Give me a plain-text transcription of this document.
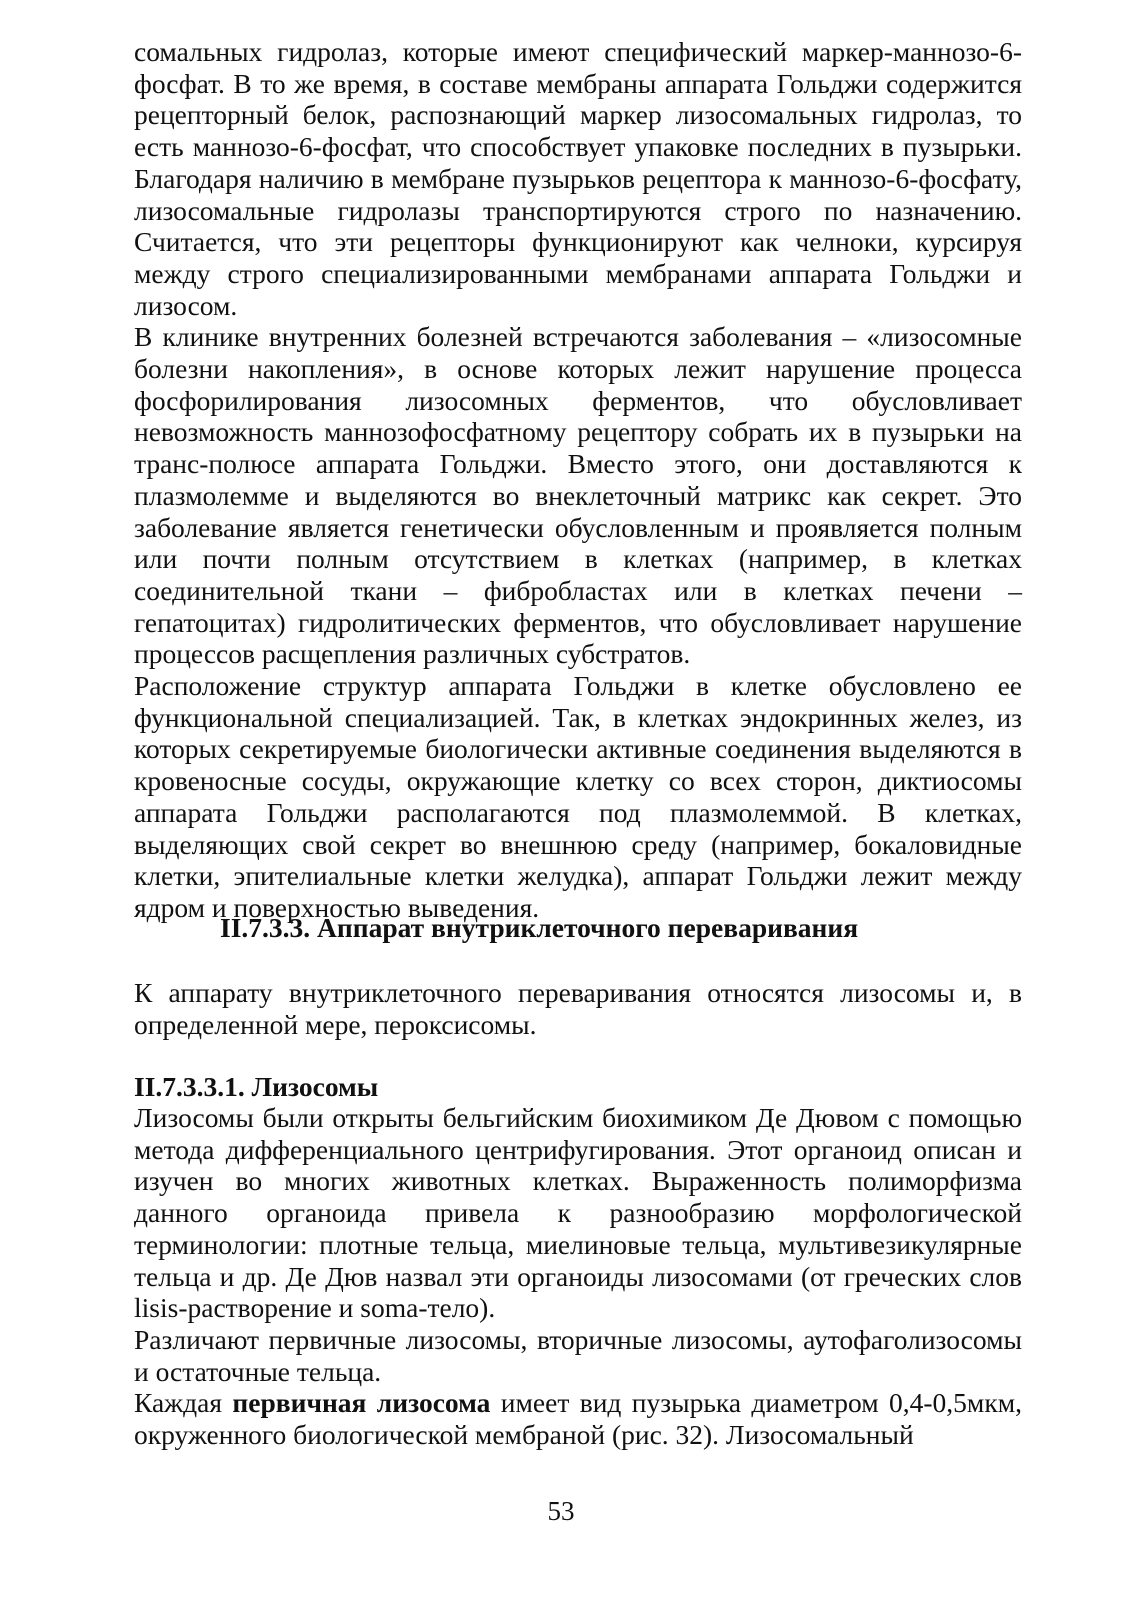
сомальных гидролаз, которые имеют специфический маркер-маннозо-6-фосфат. В то же время, в составе мембраны аппарата Гольджи содержится рецепторный белок, распознающий маркер лизосомальных гидролаз, то есть маннозо-6-фосфат, что способствует упаковке последних в пузырьки. Благодаря наличию в мембране пузырьков рецептора к маннозо-6-фосфату, лизосомальные гидролазы транспортируются строго по назначению. Считается, что эти рецепторы функционируют как челноки, курсируя между строго специализированными мембранами аппарата Гольджи и лизосом.

В клинике внутренних болезней встречаются заболевания – «лизосомные болезни накопления», в основе которых лежит нарушение процесса фосфорилирования лизосомных ферментов, что обусловливает невозможность маннозофосфатному рецептору собрать их в пузырьки на транс-полюсе аппарата Гольджи. Вместо этого, они доставляются к плазмолемме и выделяются во внеклеточный матрикс как секрет. Это заболевание является генетически обусловленным и проявляется полным или почти полным отсутствием в клетках (например, в клетках соединительной ткани – фибробластах или в клетках печени – гепатоцитах) гидролитических ферментов, что обусловливает нарушение процессов расщепления различных субстратов.

Расположение структур аппарата Гольджи в клетке обусловлено ее функциональной специализацией. Так, в клетках эндокринных желез, из которых секретируемые биологически активные соединения выделяются в кровеносные сосуды, окружающие клетку со всех сторон, диктиосомы аппарата Гольджи располагаются под плазмолеммой. В клетках, выделяющих свой секрет во внешнюю среду (например, бокаловидные клетки, эпителиальные клетки желудка), аппарат Гольджи лежит между ядром и поверхностью выведения.

II.7.3.3. Аппарат внутриклеточного переваривания

К аппарату внутриклеточного переваривания относятся лизосомы и, в определенной мере, пероксисомы.

II.7.3.3.1. Лизосомы

Лизосомы были открыты бельгийским биохимиком Де Дювом с помощью метода дифференциального центрифугирования. Этот органоид описан и изучен во многих животных клетках. Выраженность полиморфизма данного органоида привела к разнообразию морфологической терминологии: плотные тельца, миелиновые тельца, мультивезикулярные тельца и др. Де Дюв назвал эти органоиды лизосомами (от греческих слов lisis-растворение и soma-тело).

Различают первичные лизосомы, вторичные лизосомы, аутофаголизосомы и остаточные тельца.

Каждая первичная лизосома имеет вид пузырька диаметром 0,4-0,5мкм, окруженного биологической мембраной (рис. 32). Лизосомальный

53
